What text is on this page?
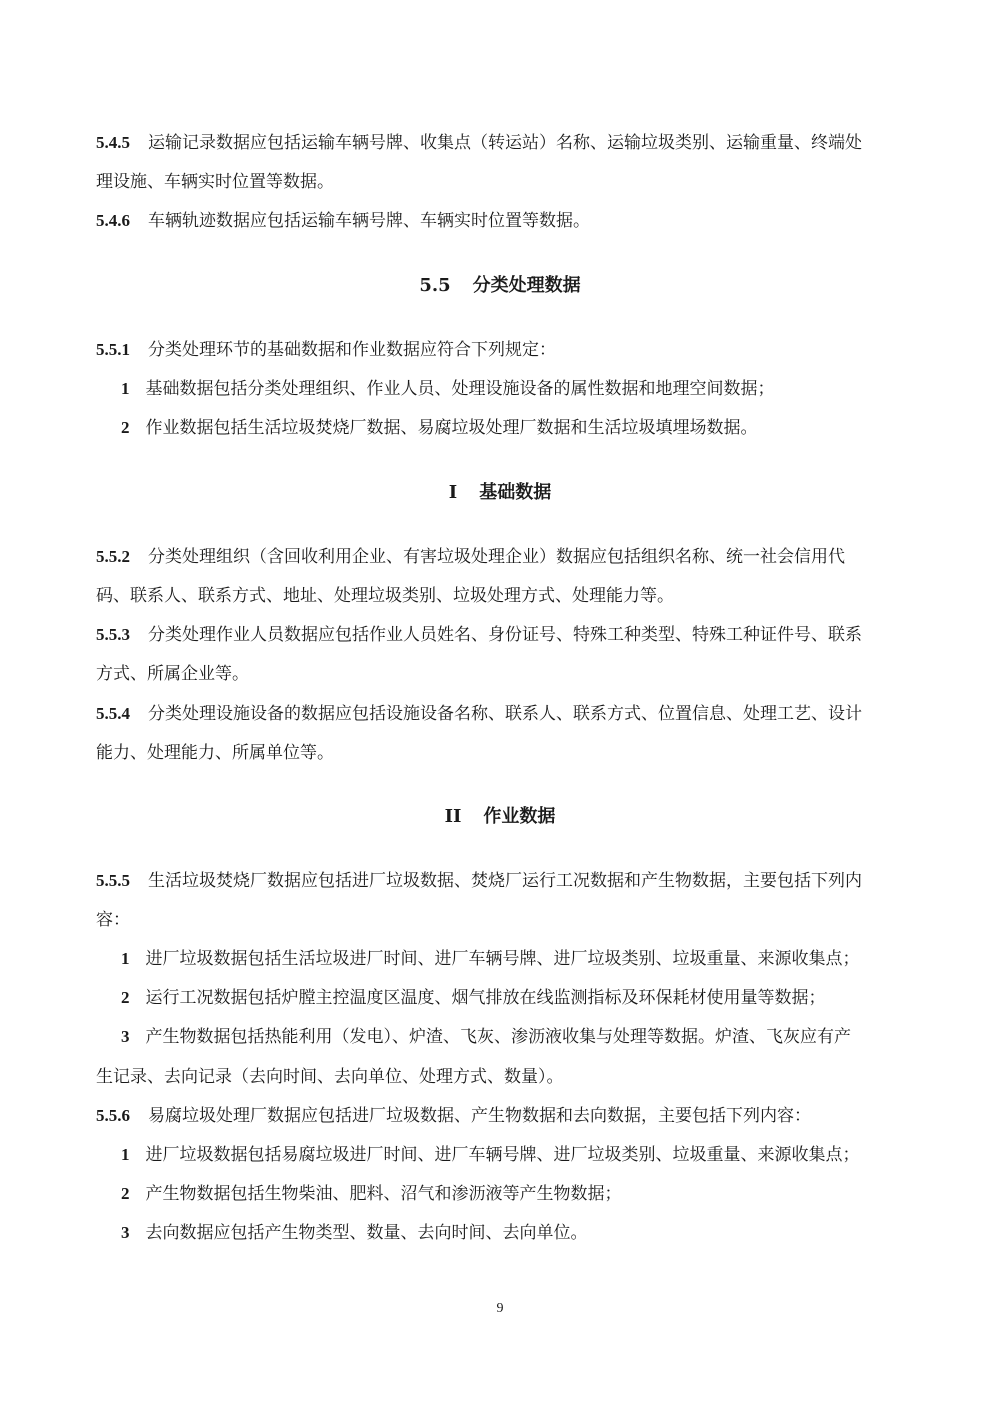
5.4.5 运输记录数据应包括运输车辆号牌、收集点（转运站）名称、运输垃圾类别、运输重量、终端处
理设施、车辆实时位置等数据。
5.4.6 车辆轨迹数据应包括运输车辆号牌、车辆实时位置等数据。
5.5 分类处理数据
5.5.1 分类处理环节的基础数据和作业数据应符合下列规定：
1 基础数据包括分类处理组织、作业人员、处理设施设备的属性数据和地理空间数据；
2 作业数据包括生活垃圾焚烧厂数据、易腐垃圾处理厂数据和生活垃圾填埋场数据。
I 基础数据
5.5.2 分类处理组织（含回收利用企业、有害垃圾处理企业）数据应包括组织名称、统一社会信用代
码、联系人、联系方式、地址、处理垃圾类别、垃圾处理方式、处理能力等。
5.5.3 分类处理作业人员数据应包括作业人员姓名、身份证号、特殊工种类型、特殊工种证件号、联系
方式、所属企业等。
5.5.4 分类处理设施设备的数据应包括设施设备名称、联系人、联系方式、位置信息、处理工艺、设计
能力、处理能力、所属单位等。
II 作业数据
5.5.5 生活垃圾焚烧厂数据应包括进厂垃圾数据、焚烧厂运行工况数据和产生物数据，主要包括下列内
容：
1 进厂垃圾数据包括生活垃圾进厂时间、进厂车辆号牌、进厂垃圾类别、垃圾重量、来源收集点；
2 运行工况数据包括炉膛主控温度区温度、烟气排放在线监测指标及环保耗材使用量等数据；
3 产生物数据包括热能利用（发电）、炉渣、飞灰、渗沥液收集与处理等数据。炉渣、飞灰应有产
生记录、去向记录（去向时间、去向单位、处理方式、数量）。
5.5.6 易腐垃圾处理厂数据应包括进厂垃圾数据、产生物数据和去向数据，主要包括下列内容：
1 进厂垃圾数据包括易腐垃圾进厂时间、进厂车辆号牌、进厂垃圾类别、垃圾重量、来源收集点；
2 产生物数据包括生物柴油、肥料、沼气和渗沥液等产生物数据；
3 去向数据应包括产生物类型、数量、去向时间、去向单位。
9
